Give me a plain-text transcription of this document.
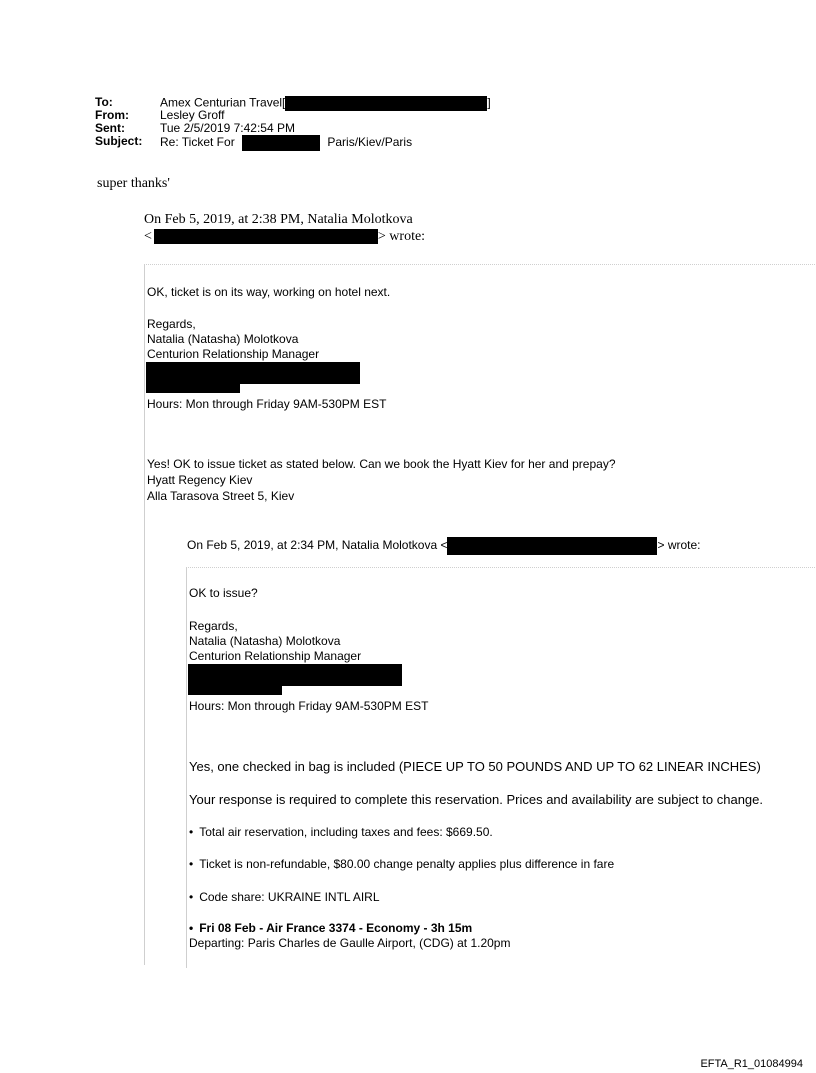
To:	Amex Centurian Travel[	]
From:	Lesley Groff
Sent:	Tue 2/5/2019 7:42:54 PM
Subject:	Re: Ticket For	Paris/Kiev/Paris
super thanks'
On Feb 5, 2019, at 2:38 PM, Natalia Molotkova
<	> wrote:
OK, ticket is on its way, working on hotel next.
Regards,
Natalia (Natasha) Molotkova
Centurion Relationship Manager
Hours: Mon through Friday 9AM-530PM EST
Yes! OK to issue ticket as stated below. Can we book the Hyatt Kiev for her and prepay?
Hyatt Regency Kiev
Alla Tarasova Street 5, Kiev
On Feb 5, 2019, at 2:34 PM, Natalia Molotkova <	> wrote:
OK to issue?
Regards,
Natalia (Natasha) Molotkova
Centurion Relationship Manager
Hours: Mon through Friday 9AM-530PM EST
Yes, one checked in bag is included (PIECE UP TO 50 POUNDS AND UP TO 62 LINEAR INCHES)
Your response is required to complete this reservation. Prices and availability are subject to change.
• Total air reservation, including taxes and fees: $669.50.
• Ticket is non-refundable, $80.00 change penalty applies plus difference in fare
• Code share: UKRAINE INTL AIRL
• Fri 08 Feb - Air France 3374 - Economy - 3h 15m
Departing: Paris Charles de Gaulle Airport, (CDG) at 1.20pm
EFTA_R1_01084994
